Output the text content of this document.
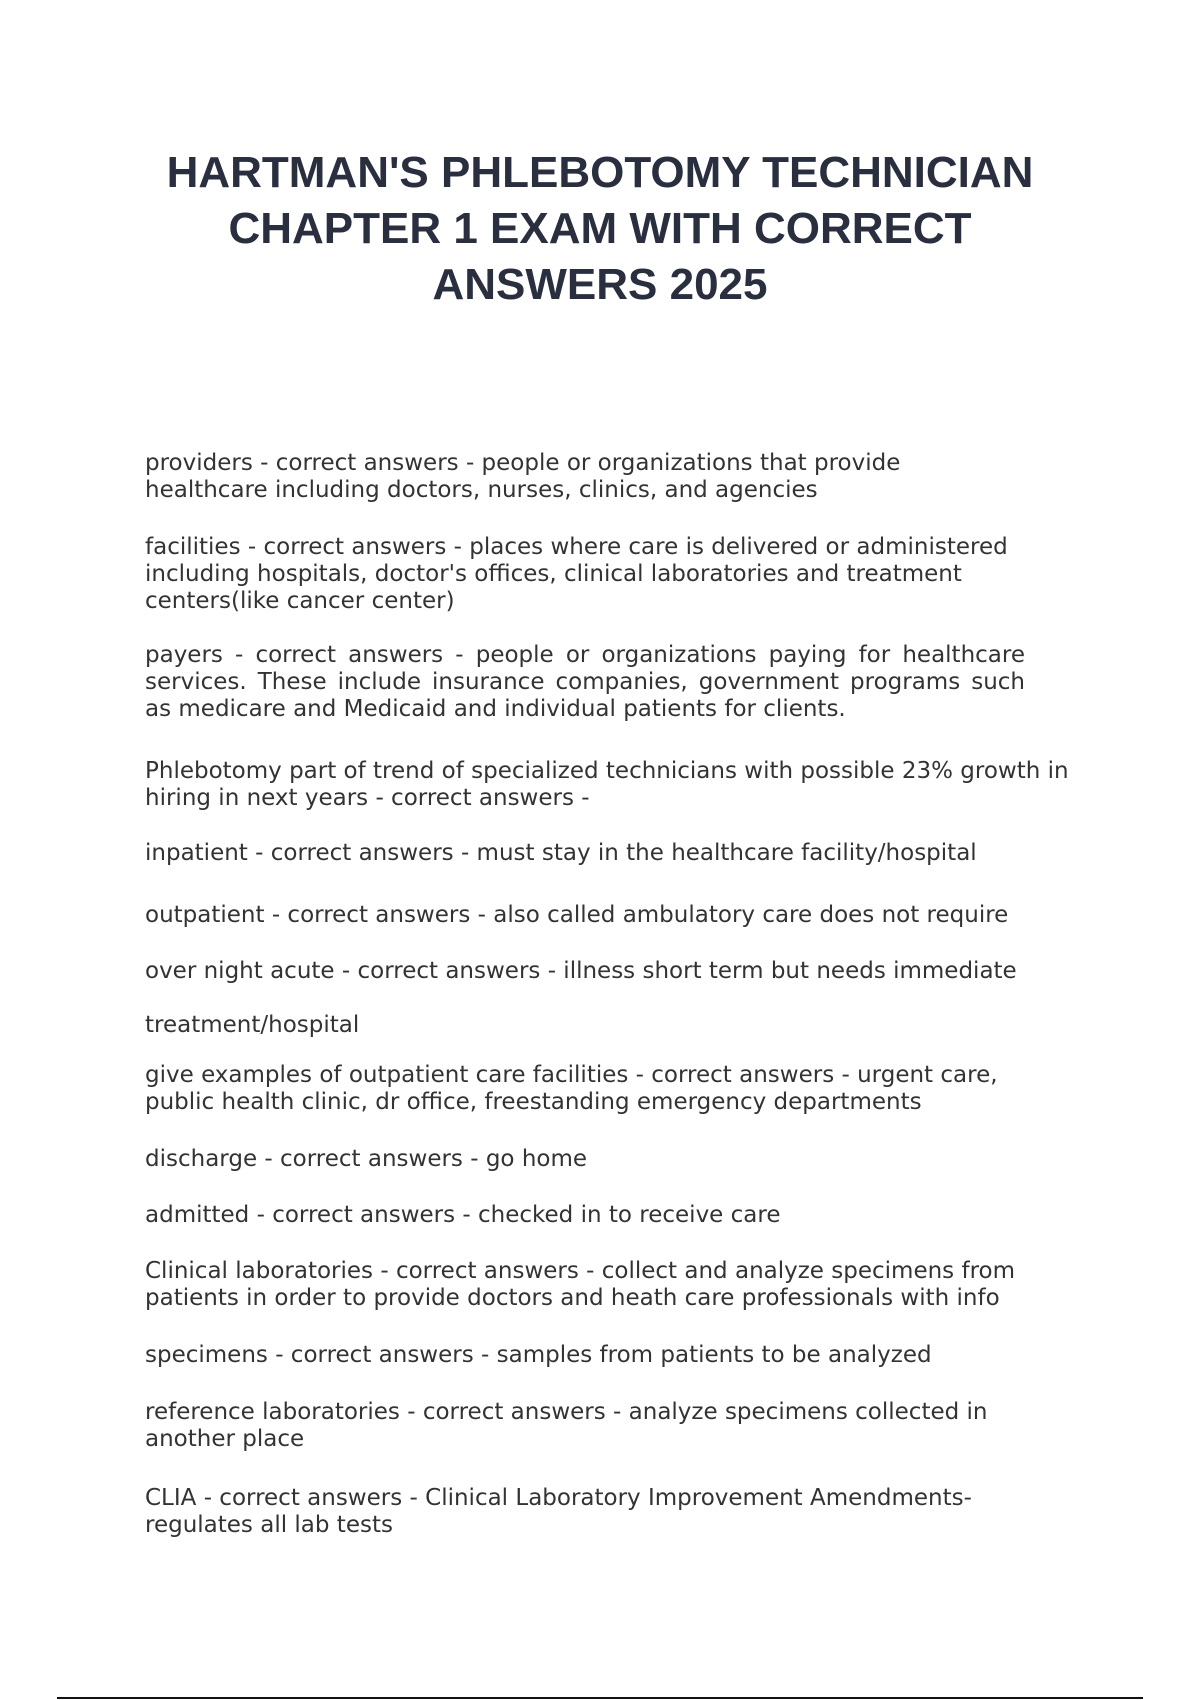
HARTMAN'S PHLEBOTOMY TECHNICIAN CHAPTER 1 EXAM WITH CORRECT ANSWERS 2025

providers - correct answers - people or organizations that provide healthcare including doctors, nurses, clinics, and agencies

facilities - correct answers - places where care is delivered or administered including hospitals, doctor's offices, clinical laboratories and treatment centers(like cancer center)

payers - correct answers - people or organizations paying for healthcare services. These include insurance companies, government programs such as medicare and Medicaid and individual patients for clients.

Phlebotomy part of trend of specialized technicians with possible 23% growth in hiring in next years - correct answers -

inpatient - correct answers - must stay in the healthcare facility/hospital

outpatient - correct answers - also called ambulatory care does not require

over night acute - correct answers - illness short term but needs immediate

treatment/hospital

give examples of outpatient care facilities - correct answers - urgent care, public health clinic, dr office, freestanding emergency departments

discharge - correct answers - go home

admitted - correct answers - checked in to receive care

Clinical laboratories - correct answers - collect and analyze specimens from patients in order to provide doctors and heath care professionals with info

specimens - correct answers - samples from patients to be analyzed

reference laboratories - correct answers - analyze specimens collected in another place

CLIA - correct answers - Clinical Laboratory Improvement Amendments-regulates all lab tests
